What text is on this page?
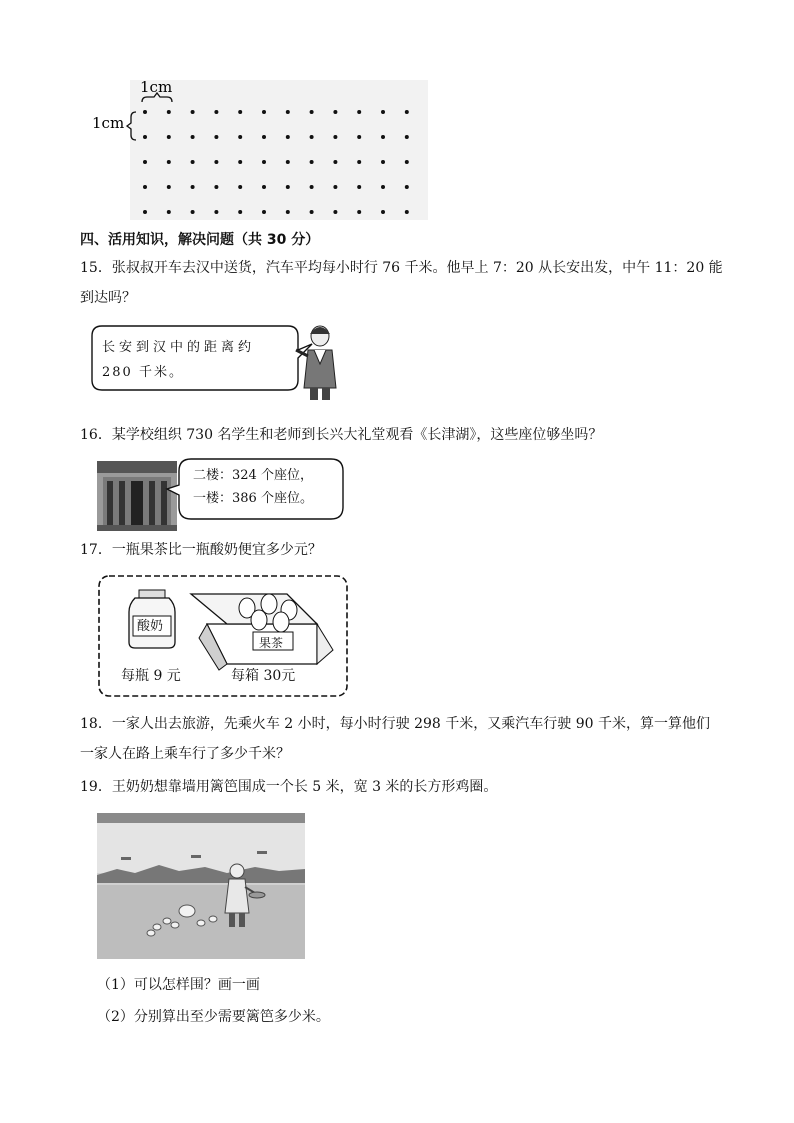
1cm
1cm
四、活用知识，解决问题（共 30 分）
15．张叔叔开车去汉中送货，汽车平均每小时行 76 千米。他早上 7：20 从长安出发，中午 11：20 能
到达吗？
长安到汉中的距离约
280 千米。
16．某学校组织 730 名学生和老师到长兴大礼堂观看《长津湖》，这些座位够坐吗？
二楼：324 个座位，
一楼：386 个座位。
17．一瓶果茶比一瓶酸奶便宜多少元？
酸奶
果茶
每瓶 9 元	每箱 30元
18．一家人出去旅游，先乘火车 2 小时，每小时行驶 298 千米，又乘汽车行驶 90 千米，算一算他们
一家人在路上乘车行了多少千米？
19．王奶奶想靠墙用篱笆围成一个长 5 米，宽 3 米的长方形鸡圈。
（1）可以怎样围？画一画
（2）分别算出至少需要篱笆多少米。
